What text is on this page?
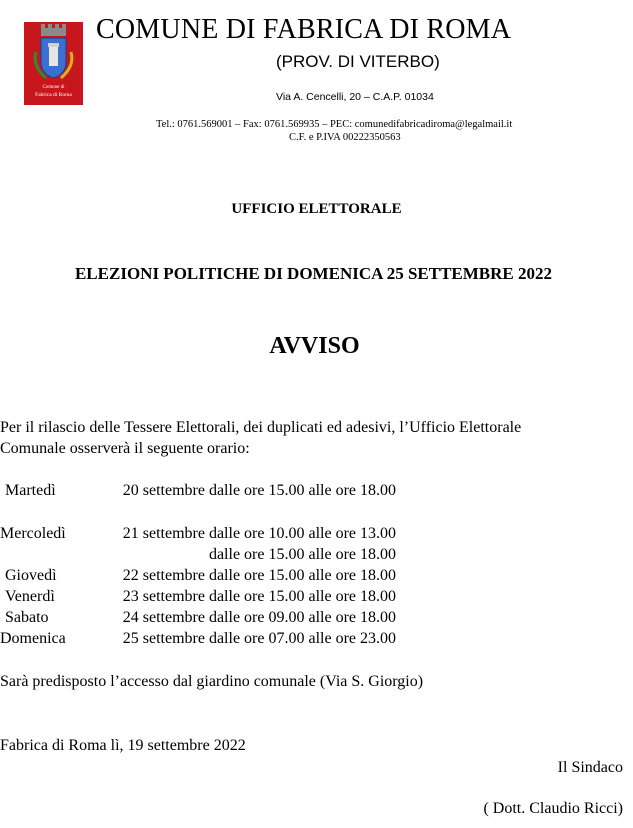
Comune di
Fabrica di Roma
COMUNE DI FABRICA DI ROMA
(PROV. DI VITERBO)
Via A. Cencelli, 20 – C.A.P. 01034
Tel.: 0761.569001 – Fax: 0761.569935 – PEC: comunedifabricadiroma@legalmail.it
C.F. e P.IVA 00222350563
UFFICIO ELETTORALE
ELEZIONI POLITICHE DI DOMENICA 25 SETTEMBRE 2022
AVVISO
Per il rilascio delle Tessere Elettorali, dei duplicati ed adesivi, l’Ufficio Elettorale
Comunale osserverà il seguente orario:
Martedì	20 settembre dalle ore 15.00 alle ore 18.00
Mercoledì	21 settembre dalle ore 10.00 alle ore 13.00
dalle ore 15.00 alle ore 18.00
Giovedì	22 settembre dalle ore 15.00 alle ore 18.00
Venerdì	23 settembre dalle ore 15.00 alle ore 18.00
Sabato	24 settembre dalle ore 09.00 alle ore 18.00
Domenica	25 settembre dalle ore 07.00 alle ore 23.00
Sarà predisposto l’accesso dal giardino comunale (Via S. Giorgio)
Fabrica di Roma lì, 19 settembre 2022
Il Sindaco
( Dott. Claudio Ricci)
